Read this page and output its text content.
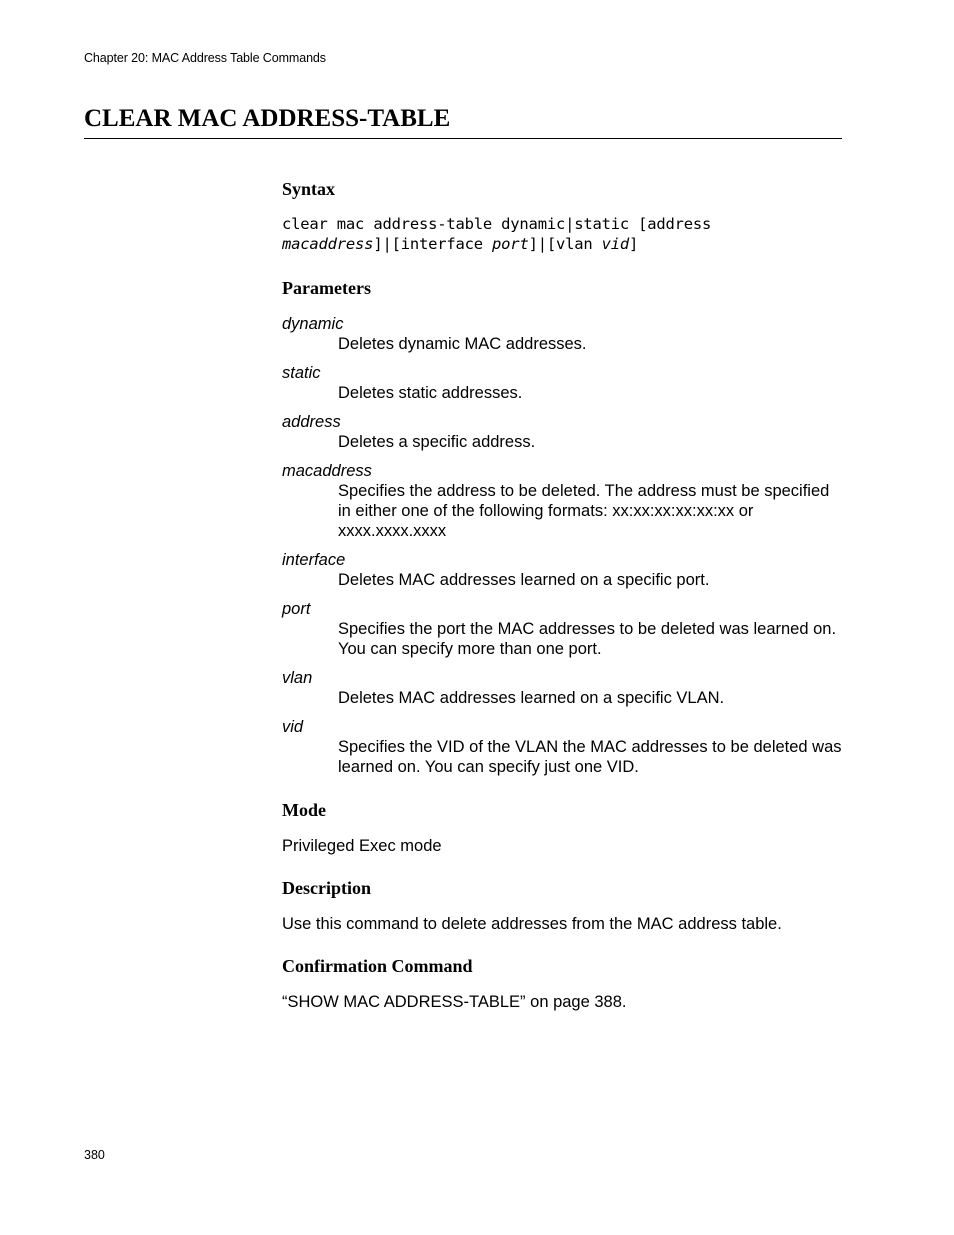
Chapter 20: MAC Address Table Commands
CLEAR MAC ADDRESS-TABLE
Syntax
clear mac address-table dynamic|static [address
macaddress]|[interface port]|[vlan vid]
Parameters
dynamic
Deletes dynamic MAC addresses.
static
Deletes static addresses.
address
Deletes a specific address.
macaddress
Specifies the address to be deleted. The address must be specified in either one of the following formats: xx:xx:xx:xx:xx:xx or xxxx.xxxx.xxxx
interface
Deletes MAC addresses learned on a specific port.
port
Specifies the port the MAC addresses to be deleted was learned on. You can specify more than one port.
vlan
Deletes MAC addresses learned on a specific VLAN.
vid
Specifies the VID of the VLAN the MAC addresses to be deleted was learned on. You can specify just one VID.
Mode

Privileged Exec mode

Description

Use this command to delete addresses from the MAC address table.

Confirmation Command

“SHOW MAC ADDRESS-TABLE” on page 388.

380
